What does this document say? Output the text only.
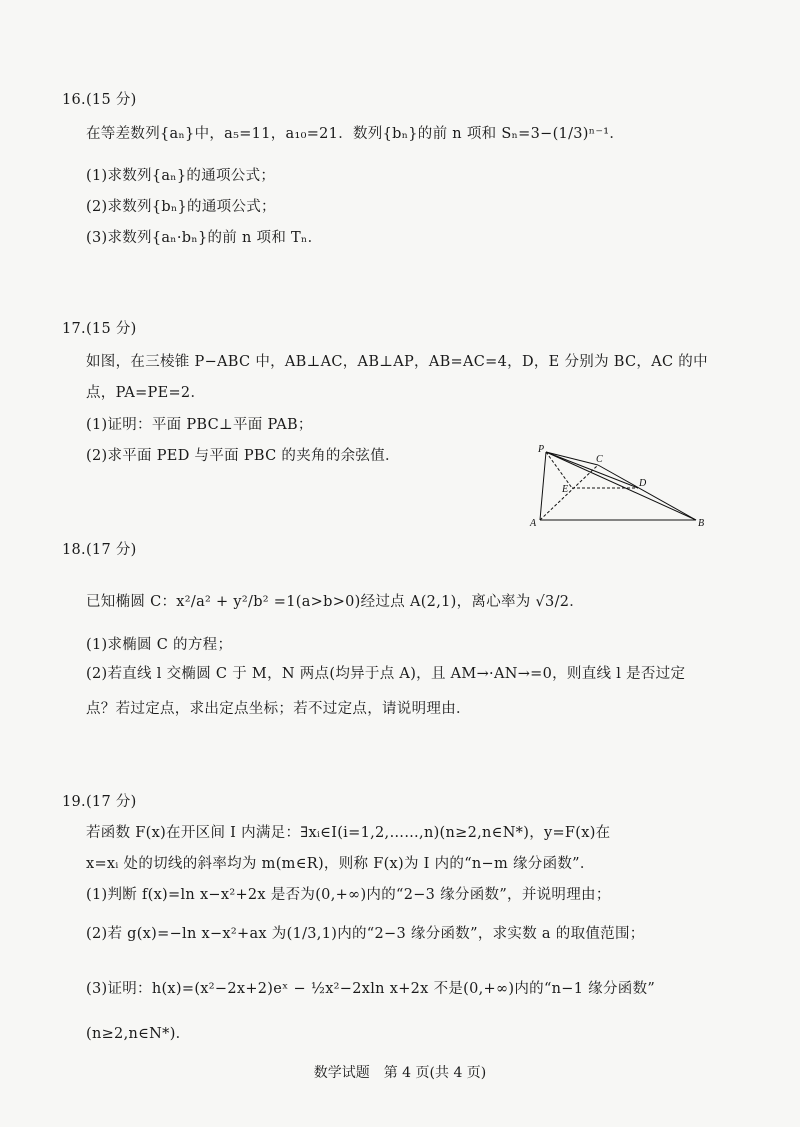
16.(15 分)
在等差数列{aₙ}中，a₅=11，a₁₀=21．数列{bₙ}的前 n 项和 Sₙ=3−(1/3)ⁿ⁻¹．
(1)求数列{aₙ}的通项公式；
(2)求数列{bₙ}的通项公式；
(3)求数列{aₙ·bₙ}的前 n 项和 Tₙ．
17.(15 分)
如图，在三棱锥 P−ABC 中，AB⊥AC，AB⊥AP，AB=AC=4，D，E 分别为 BC，AC 的中
点，PA=PE=2．
(1)证明：平面 PBC⊥平面 PAB；
(2)求平面 PED 与平面 PBC 的夹角的余弦值．	P
C
D
E
A	B
18.(17 分)
已知椭圆 C：x²/a² + y²/b² =1(a>b>0)经过点 A(2,1)，离心率为 √3/2．
(1)求椭圆 C 的方程；
(2)若直线 l 交椭圆 C 于 M，N 两点(均异于点 A)，且 AM→·AN→=0，则直线 l 是否过定
点？若过定点，求出定点坐标；若不过定点，请说明理由．
19.(17 分)
若函数 F(x)在开区间 I 内满足：∃xᵢ∈I(i=1,2,……,n)(n≥2,n∈N*)，y=F(x)在
x=xᵢ 处的切线的斜率均为 m(m∈R)，则称 F(x)为 I 内的“n−m 缘分函数”．
(1)判断 f(x)=ln x−x²+2x 是否为(0,+∞)内的“2−3 缘分函数”，并说明理由；
(2)若 g(x)=−ln x−x²+ax 为(1/3,1)内的“2−3 缘分函数”，求实数 a 的取值范围；
(3)证明：h(x)=(x²−2x+2)eˣ − ½x²−2xln x+2x 不是(0,+∞)内的“n−1 缘分函数”
(n≥2,n∈N*)．
数学试题　第 4 页(共 4 页)
